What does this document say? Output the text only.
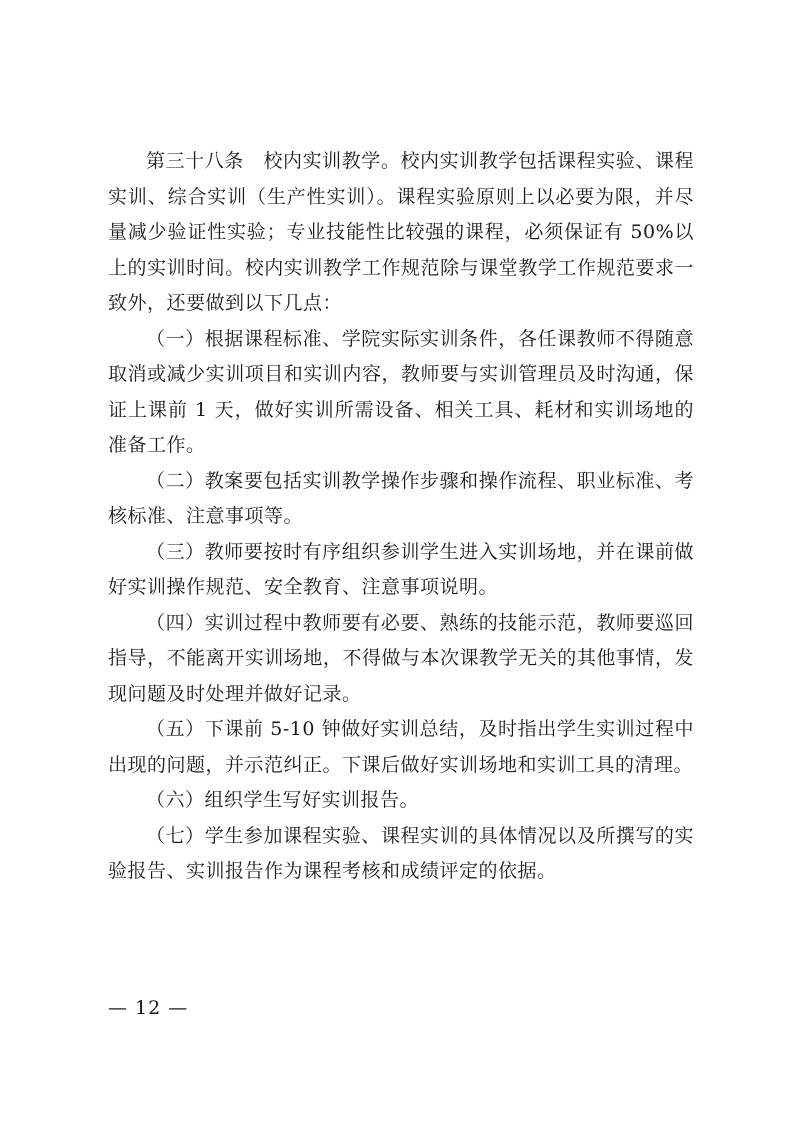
第三十八条　校内实训教学。校内实训教学包括课程实验、课程实训、综合实训（生产性实训）。课程实验原则上以必要为限，并尽量减少验证性实验；专业技能性比较强的课程，必须保证有 50%以上的实训时间。校内实训教学工作规范除与课堂教学工作规范要求一致外，还要做到以下几点：

（一）根据课程标准、学院实际实训条件，各任课教师不得随意取消或减少实训项目和实训内容，教师要与实训管理员及时沟通，保证上课前 1 天，做好实训所需设备、相关工具、耗材和实训场地的准备工作。

（二）教案要包括实训教学操作步骤和操作流程、职业标准、考核标准、注意事项等。

（三）教师要按时有序组织参训学生进入实训场地，并在课前做好实训操作规范、安全教育、注意事项说明。

（四）实训过程中教师要有必要、熟练的技能示范，教师要巡回指导，不能离开实训场地，不得做与本次课教学无关的其他事情，发现问题及时处理并做好记录。

（五）下课前 5-10 钟做好实训总结，及时指出学生实训过程中出现的问题，并示范纠正。下课后做好实训场地和实训工具的清理。

（六）组织学生写好实训报告。

（七）学生参加课程实验、课程实训的具体情况以及所撰写的实验报告、实训报告作为课程考核和成绩评定的依据。

— 12 —
